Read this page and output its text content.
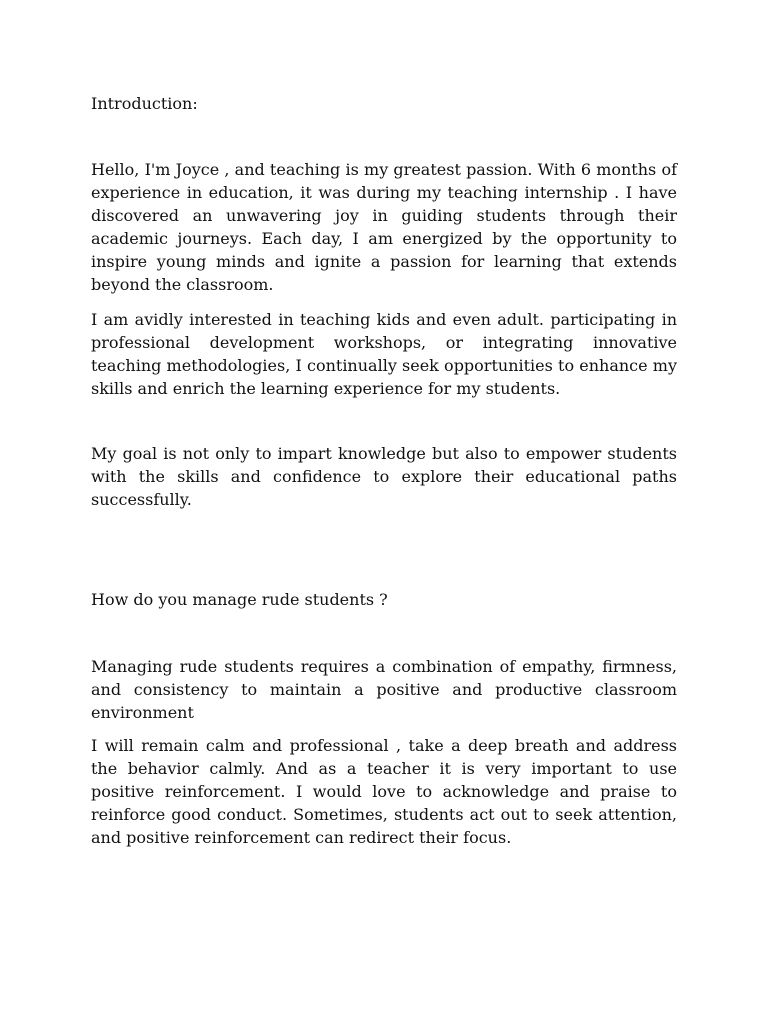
Introduction:

Hello, I'm Joyce , and teaching is my greatest passion. With 6 months of experience in education, it was during my teaching internship . I have discovered an unwavering joy in guiding students through their academic journeys. Each day, I am energized by the opportunity to inspire young minds and ignite a passion for learning that extends beyond the classroom.

I am avidly interested in teaching kids and even adult. participating in professional development workshops, or integrating innovative teaching methodologies, I continually seek opportunities to enhance my skills and enrich the learning experience for my students.

My goal is not only to impart knowledge but also to empower students with the skills and confidence to explore their educational paths successfully.

How do you manage rude students ?

Managing rude students requires a combination of empathy, firmness, and consistency to maintain a positive and productive classroom environment

I will remain calm and professional , take a deep breath and address the behavior calmly. And as a teacher it is very important to use positive reinforcement. I would love to acknowledge and praise to reinforce good conduct. Sometimes, students act out to seek attention, and positive reinforcement can redirect their focus.
